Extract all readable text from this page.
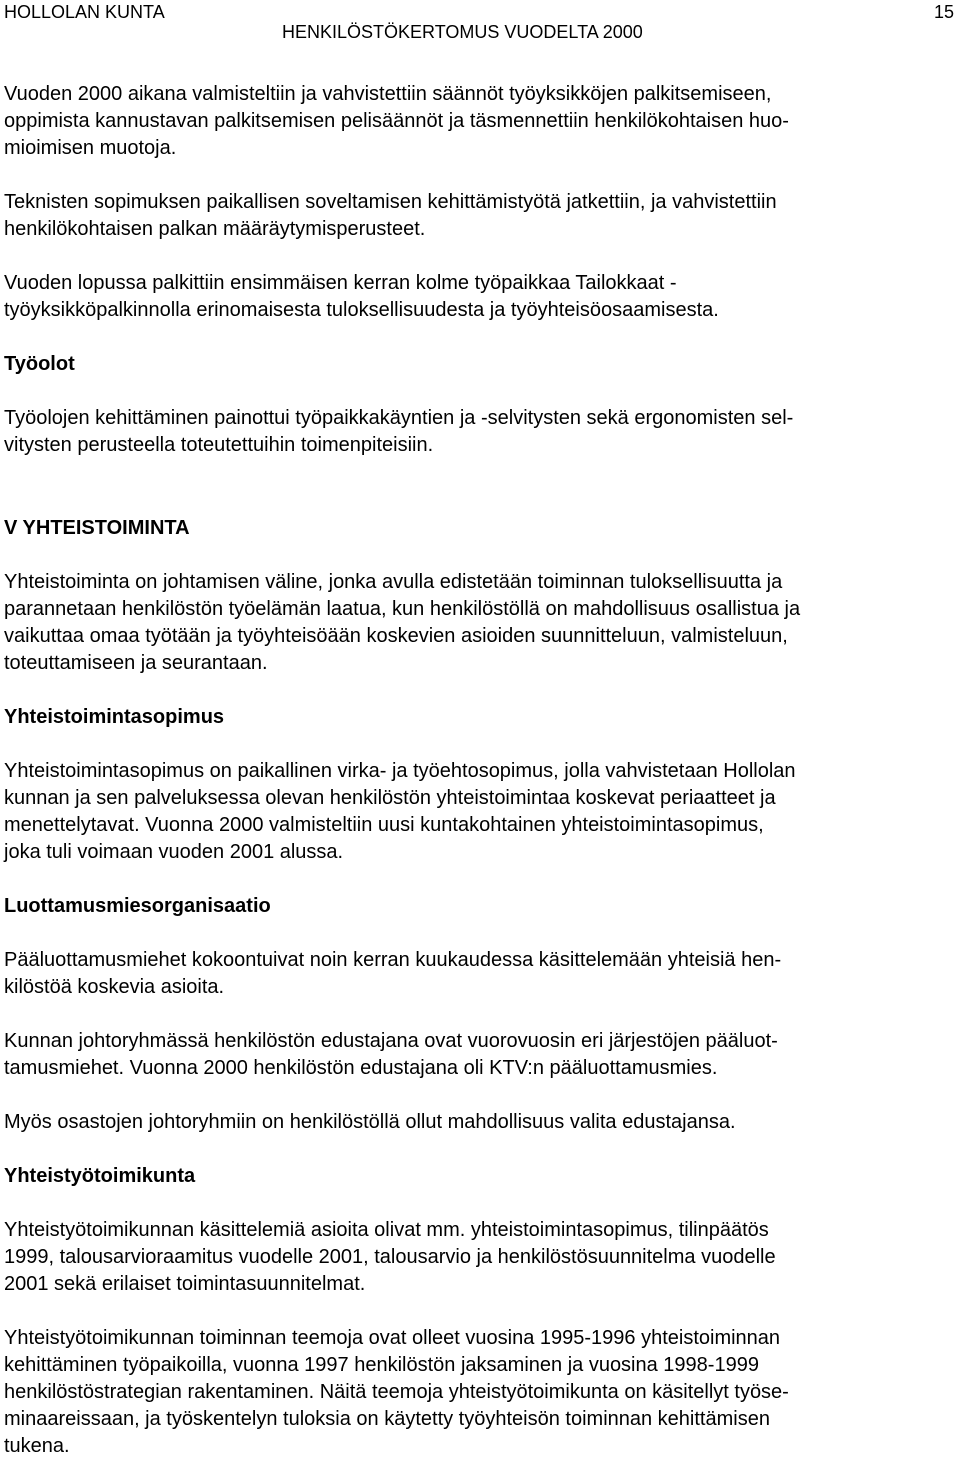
HOLLOLAN KUNTA
HENKILÖSTÖKERTOMUS VUODELTA 2000
15

Vuoden 2000 aikana valmisteltiin ja vahvistettiin säännöt työyksikköjen palkitsemiseen,
oppimista kannustavan palkitsemisen pelisäännöt ja täsmennettiin henkilökohtaisen huo-
mioimisen muotoja.

Teknisten sopimuksen paikallisen soveltamisen kehittämistyötä jatkettiin, ja vahvistettiin
henkilökohtaisen palkan määräytymisperusteet.

Vuoden lopussa palkittiin ensimmäisen kerran kolme työpaikkaa Tailokkaat -
työyksikköpalkinnolla erinomaisesta tuloksellisuudesta ja työyhteisöosaamisesta.

Työolot

Työolojen kehittäminen painottui työpaikkakäyntien ja -selvitysten sekä ergonomisten sel-
vitysten perusteella toteutettuihin toimenpiteisiin.

V YHTEISTOIMINTA

Yhteistoiminta on johtamisen väline, jonka avulla edistetään toiminnan tuloksellisuutta ja
parannetaan henkilöstön työelämän laatua, kun henkilöstöllä on mahdollisuus osallistua ja
vaikuttaa omaa työtään ja työyhteisöään koskevien asioiden suunnitteluun, valmisteluun,
toteuttamiseen ja seurantaan.

Yhteistoimintasopimus

Yhteistoimintasopimus on paikallinen virka- ja työehtosopimus, jolla vahvistetaan Hollolan
kunnan ja sen palveluksessa olevan henkilöstön yhteistoimintaa koskevat periaatteet ja
menettelytavat. Vuonna 2000 valmisteltiin uusi kuntakohtainen yhteistoimintasopimus,
joka tuli voimaan vuoden 2001 alussa.

Luottamusmiesorganisaatio

Pääluottamusmiehet kokoontuivat noin kerran kuukaudessa käsittelemään yhteisiä hen-
kilöstöä koskevia asioita.

Kunnan johtoryhmässä henkilöstön edustajana ovat vuorovuosin eri järjestöjen pääluot-
tamusmiehet. Vuonna 2000 henkilöstön edustajana oli KTV:n pääluottamusmies.

Myös osastojen johtoryhmiin on henkilöstöllä ollut mahdollisuus valita edustajansa.

Yhteistyötoimikunta

Yhteistyötoimikunnan käsittelemiä asioita olivat mm. yhteistoimintasopimus, tilinpäätös
1999, talousarvioraamitus vuodelle 2001, talousarvio ja henkilöstösuunnitelma vuodelle
2001 sekä erilaiset toimintasuunnitelmat.

Yhteistyötoimikunnan toiminnan teemoja ovat olleet vuosina 1995-1996 yhteistoiminnan
kehittäminen työpaikoilla, vuonna 1997 henkilöstön jaksaminen ja vuosina 1998-1999
henkilöstöstrategian rakentaminen. Näitä teemoja yhteistyötoimikunta on käsitellyt työse-
minaareissaan, ja työskentelyn tuloksia on käytetty työyhteisön toiminnan kehittämisen
tukena.
